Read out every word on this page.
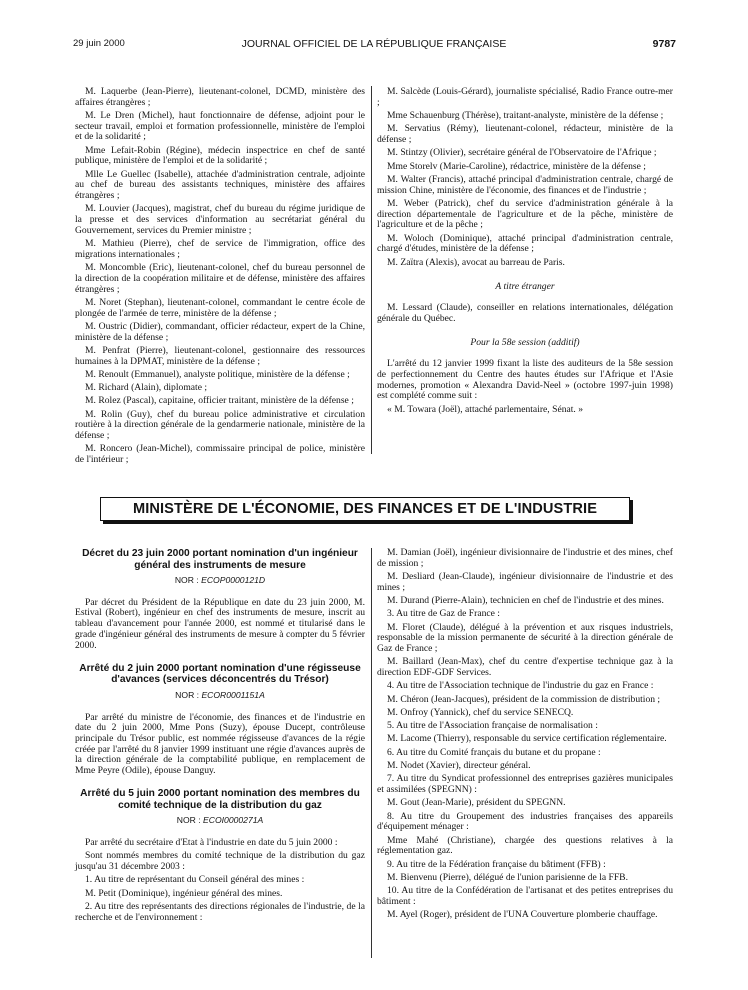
29 juin 2000	JOURNAL OFFICIEL DE LA RÉPUBLIQUE FRANÇAISE	9787

M. Laquerbe (Jean-Pierre), lieutenant-colonel, DCMD, ministère des affaires étrangères ;

M. Le Dren (Michel), haut fonctionnaire de défense, adjoint pour le secteur travail, emploi et formation professionnelle, ministère de l'emploi et de la solidarité ;

Mme Lefait-Robin (Régine), médecin inspectrice en chef de santé publique, ministère de l'emploi et de la solidarité ;

Mlle Le Guellec (Isabelle), attachée d'administration centrale, adjointe au chef de bureau des assistants techniques, ministère des affaires étrangères ;

M. Louvier (Jacques), magistrat, chef du bureau du régime juridique de la presse et des services d'information au secrétariat général du Gouvernement, services du Premier ministre ;

M. Mathieu (Pierre), chef de service de l'immigration, office des migrations internationales ;

M. Moncomble (Eric), lieutenant-colonel, chef du bureau personnel de la direction de la coopération militaire et de défense, ministère des affaires étrangères ;

M. Noret (Stephan), lieutenant-colonel, commandant le centre école de plongée de l'armée de terre, ministère de la défense ;

M. Oustric (Didier), commandant, officier rédacteur, expert de la Chine, ministère de la défense ;

M. Penfrat (Pierre), lieutenant-colonel, gestionnaire des ressources humaines à la DPMAT, ministère de la défense ;

M. Renoult (Emmanuel), analyste politique, ministère de la défense ;

M. Richard (Alain), diplomate ;

M. Rolez (Pascal), capitaine, officier traitant, ministère de la défense ;

M. Rolin (Guy), chef du bureau police administrative et circulation routière à la direction générale de la gendarmerie nationale, ministère de la défense ;

M. Roncero (Jean-Michel), commissaire principal de police, ministère de l'intérieur ;

M. Salcède (Louis-Gérard), journaliste spécialisé, Radio France outre-mer ;

Mme Schauenburg (Thérèse), traitant-analyste, ministère de la défense ;

M. Servatius (Rémy), lieutenant-colonel, rédacteur, ministère de la défense ;

M. Stintzy (Olivier), secrétaire général de l'Observatoire de l'Afrique ;

Mme Storelv (Marie-Caroline), rédactrice, ministère de la défense ;

M. Walter (Francis), attaché principal d'administration centrale, chargé de mission Chine, ministère de l'économie, des finances et de l'industrie ;

M. Weber (Patrick), chef du service d'administration générale à la direction départementale de l'agriculture et de la pêche, ministère de l'agriculture et de la pêche ;

M. Woloch (Dominique), attaché principal d'administration centrale, chargé d'études, ministère de la défense ;

M. Zaïtra (Alexis), avocat au barreau de Paris.

A titre étranger

M. Lessard (Claude), conseiller en relations internationales, délégation générale du Québec.

Pour la 58e session (additif)

L'arrêté du 12 janvier 1999 fixant la liste des auditeurs de la 58e session de perfectionnement du Centre des hautes études sur l'Afrique et l'Asie modernes, promotion « Alexandra David-Neel » (octobre 1997-juin 1998) est complété comme suit :

« M. Towara (Joël), attaché parlementaire, Sénat. »

MINISTÈRE DE L'ÉCONOMIE, DES FINANCES ET DE L'INDUSTRIE
Décret du 23 juin 2000 portant nomination d'un ingénieur général des instruments de mesure
NOR : ECOP0000121D

Par décret du Président de la République en date du 23 juin 2000, M. Estival (Robert), ingénieur en chef des instruments de mesure, inscrit au tableau d'avancement pour l'année 2000, est nommé et titularisé dans le grade d'ingénieur général des instruments de mesure à compter du 5 février 2000.

Arrêté du 2 juin 2000 portant nomination d'une régisseuse d'avances (services déconcentrés du Trésor)
NOR : ECOR0001151A

Par arrêté du ministre de l'économie, des finances et de l'industrie en date du 2 juin 2000, Mme Pons (Suzy), épouse Ducept, contrôleuse principale du Trésor public, est nommée régisseuse d'avances de la régie créée par l'arrêté du 8 janvier 1999 instituant une régie d'avances auprès de la direction générale de la comptabilité publique, en remplacement de Mme Peyre (Odile), épouse Danguy.

Arrêté du 5 juin 2000 portant nomination des membres du comité technique de la distribution du gaz
NOR : ECOI0000271A

Par arrêté du secrétaire d'Etat à l'industrie en date du 5 juin 2000 :

Sont nommés membres du comité technique de la distribution du gaz jusqu'au 31 décembre 2003 :

1. Au titre de représentant du Conseil général des mines :

M. Petit (Dominique), ingénieur général des mines.

2. Au titre des représentants des directions régionales de l'industrie, de la recherche et de l'environnement :

M. Damian (Joël), ingénieur divisionnaire de l'industrie et des mines, chef de mission ;

M. Desliard (Jean-Claude), ingénieur divisionnaire de l'industrie et des mines ;

M. Durand (Pierre-Alain), technicien en chef de l'industrie et des mines.

3. Au titre de Gaz de France :

M. Floret (Claude), délégué à la prévention et aux risques industriels, responsable de la mission permanente de sécurité à la direction générale de Gaz de France ;

M. Baillard (Jean-Max), chef du centre d'expertise technique gaz à la direction EDF-GDF Services.

4. Au titre de l'Association technique de l'industrie du gaz en France :

M. Chéron (Jean-Jacques), président de la commission de distribution ;

M. Onfroy (Yannick), chef du service SENECQ.

5. Au titre de l'Association française de normalisation :

M. Lacome (Thierry), responsable du service certification réglementaire.

6. Au titre du Comité français du butane et du propane :

M. Nodet (Xavier), directeur général.

7. Au titre du Syndicat professionnel des entreprises gazières municipales et assimilées (SPEGNN) :

M. Gout (Jean-Marie), président du SPEGNN.

8. Au titre du Groupement des industries françaises des appareils d'équipement ménager :

Mme Mahé (Christiane), chargée des questions relatives à la réglementation gaz.

9. Au titre de la Fédération française du bâtiment (FFB) :

M. Bienvenu (Pierre), délégué de l'union parisienne de la FFB.

10. Au titre de la Confédération de l'artisanat et des petites entreprises du bâtiment :

M. Ayel (Roger), président de l'UNA Couverture plomberie chauffage.
